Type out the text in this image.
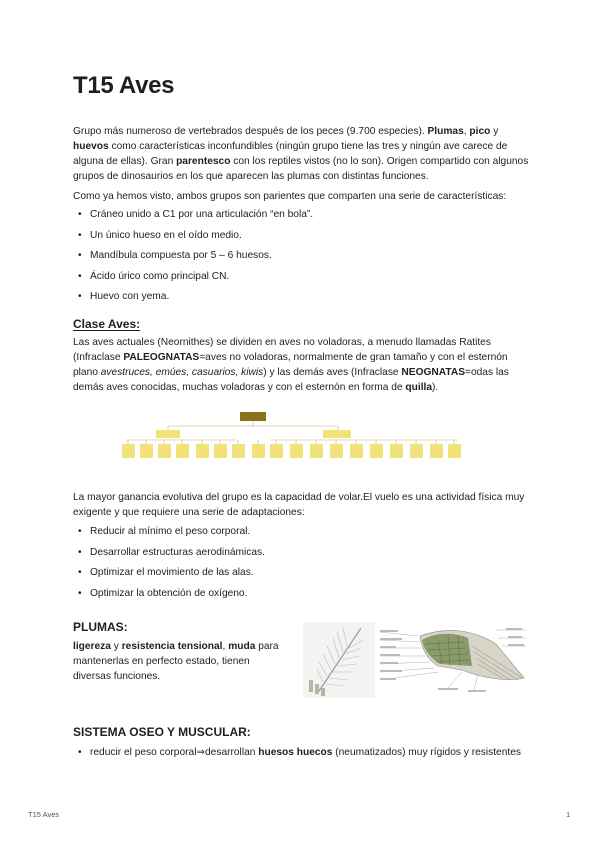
T15 Aves

Grupo más numeroso de vertebrados después de los peces (9.700 especies). Plumas, pico y huevos como características inconfundibles (ningún grupo tiene las tres y ningún ave carece de alguna de ellas). Gran parentesco con los reptiles vistos (no lo son). Origen compartido con algunos grupos de dinosaurios en los que aparecen las plumas con distintas funciones.

Como ya hemos visto, ambos grupos son parientes que comparten una serie de características:

• Cráneo unido a C1 por una articulación “en bola”.
• Un único hueso en el oído medio.
• Mandíbula compuesta por 5 – 6 huesos.
• Ácido úrico como principal CN.
• Huevo con yema.
Clase Aves:

Las aves actuales (Neornithes) se dividen en aves no voladoras, a menudo llamadas Ratites (Infraclase PALEOGNATAS=aves no voladoras, normalmente de gran tamaño y con el esternón plano avestruces, emúes, casuarios, kiwis) y las demás aves (Infraclase NEOGNATAS=odas las demás aves conocidas, muchas voladoras y con el esternón en forma de quilla).

La mayor ganancia evolutiva del grupo es la capacidad de volar.El vuelo es una actividad física muy exigente y que requiere una serie de adaptaciones:

• Reducir al mínimo el peso corporal.
• Desarrollar estructuras aerodinámicas.
• Optimizar el movimiento de las alas.
• Optimizar la obtención de oxígeno.
PLUMAS:

ligereza y resistencia tensional, muda para mantenerlas en perfecto estado, tienen diversas funciones.

SISTEMA OSEO Y MUSCULAR:
• reducir el peso corporal⇒desarrollan huesos huecos (neumatizados) muy rígidos y resistentes
T15 Aves	1
